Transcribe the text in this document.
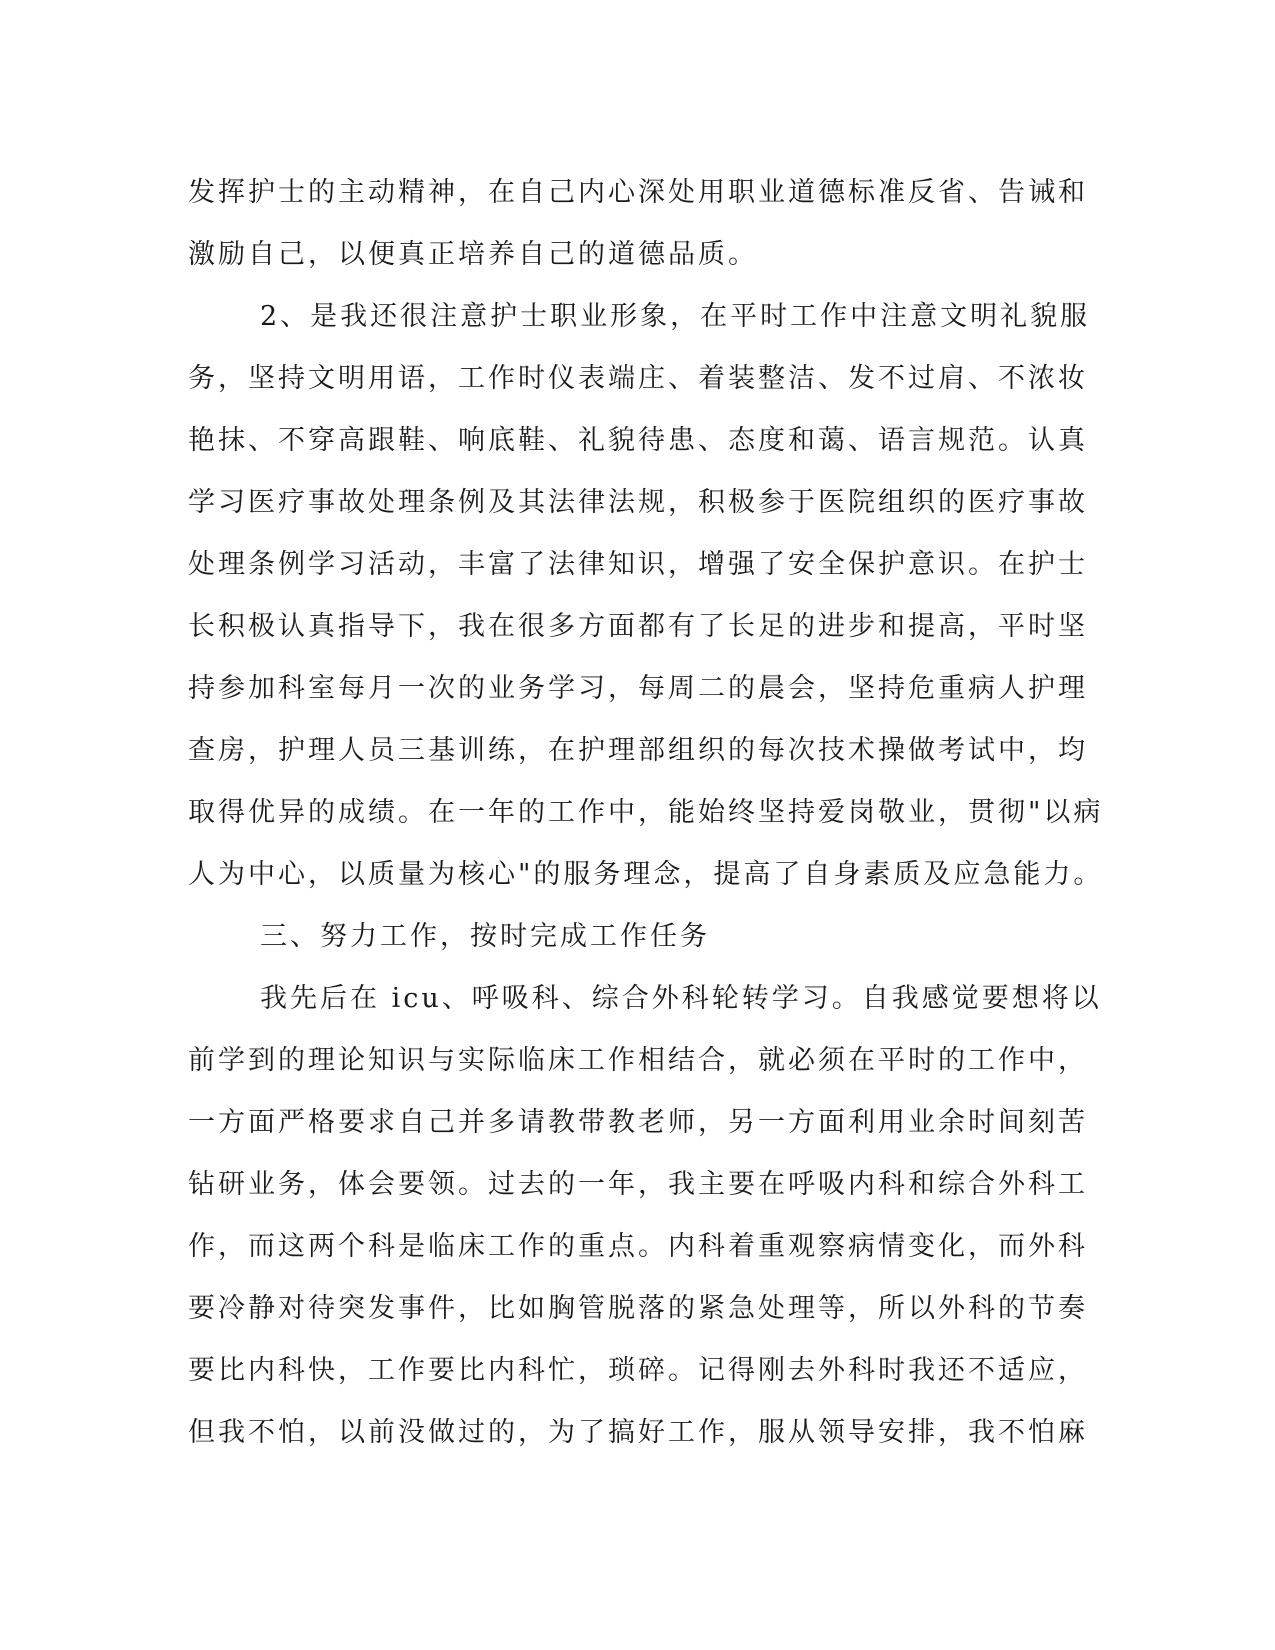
发挥护士的主动精神，在自己内心深处用职业道德标准反省、告诫和
激励自己，以便真正培养自己的道德品质。
2、是我还很注意护士职业形象，在平时工作中注意文明礼貌服
务，坚持文明用语，工作时仪表端庄、着装整洁、发不过肩、不浓妆
艳抹、不穿高跟鞋、响底鞋、礼貌待患、态度和蔼、语言规范。认真
学习医疗事故处理条例及其法律法规，积极参于医院组织的医疗事故
处理条例学习活动，丰富了法律知识，增强了安全保护意识。在护士
长积极认真指导下，我在很多方面都有了长足的进步和提高，平时坚
持参加科室每月一次的业务学习，每周二的晨会，坚持危重病人护理
查房，护理人员三基训练，在护理部组织的每次技术操做考试中，均
取得优异的成绩。在一年的工作中，能始终坚持爱岗敬业，贯彻"以病
人为中心，以质量为核心"的服务理念，提高了自身素质及应急能力。
三、努力工作，按时完成工作任务
我先后在 icu、呼吸科、综合外科轮转学习。自我感觉要想将以
前学到的理论知识与实际临床工作相结合，就必须在平时的工作中，
一方面严格要求自己并多请教带教老师，另一方面利用业余时间刻苦
钻研业务，体会要领。过去的一年，我主要在呼吸内科和综合外科工
作，而这两个科是临床工作的重点。内科着重观察病情变化，而外科
要冷静对待突发事件，比如胸管脱落的紧急处理等，所以外科的节奏
要比内科快，工作要比内科忙，琐碎。记得刚去外科时我还不适应，
但我不怕，以前没做过的，为了搞好工作，服从领导安排，我不怕麻
